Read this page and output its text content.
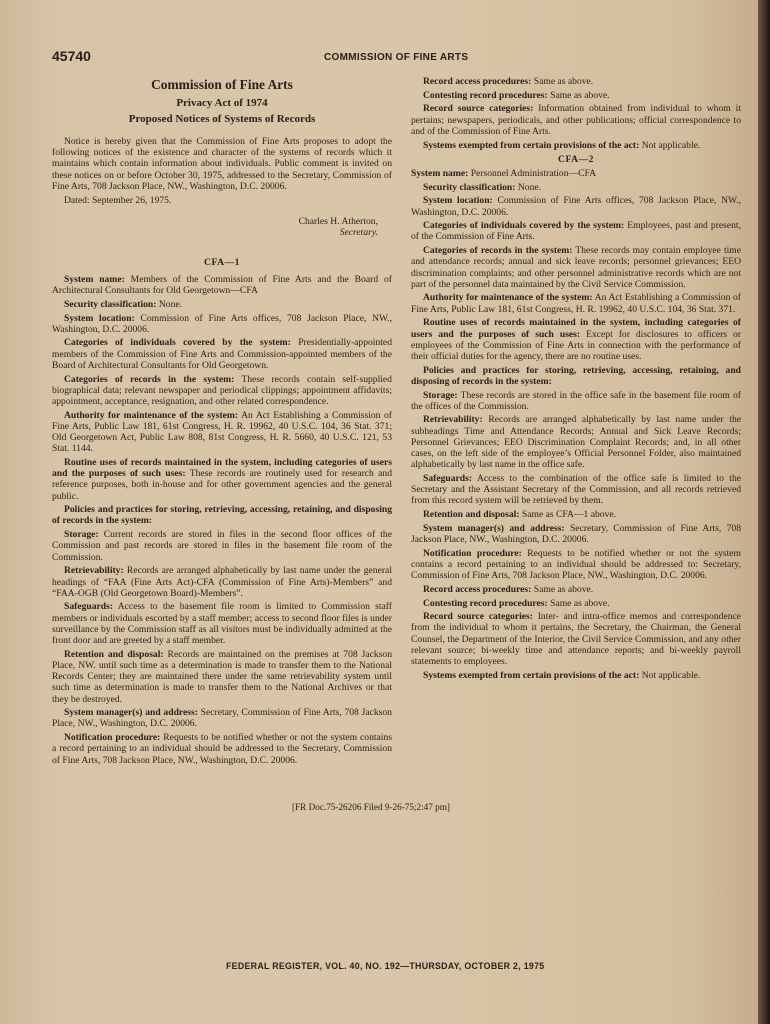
45740	COMMISSION OF FINE ARTS
Commission of Fine Arts
Privacy Act of 1974
Proposed Notices of Systems of Records

Notice is hereby given that the Commission of Fine Arts proposes to adopt the following notices of the existence and character of the systems of records which it maintains which contain information about individuals. Public comment is invited on these notices on or before October 30, 1975, addressed to the Secretary, Commission of Fine Arts, 708 Jackson Place, NW., Washington, D.C. 20006.

Dated: September 26, 1975.

Charles H. Atherton,
Secretary.
CFA—1

System name: Members of the Commission of Fine Arts and the Board of Architectural Consultants for Old Georgetown—CFA

Security classification: None.

System location: Commission of Fine Arts offices, 708 Jackson Place, NW., Washington, D.C. 20006.

Categories of individuals covered by the system: Presidentially-appointed members of the Commission of Fine Arts and Commission-appointed members of the Board of Architectural Consultants for Old Georgetown.

Categories of records in the system: These records contain self-supplied biographical data; relevant newspaper and periodical clippings; appointment affidavits; appointment, acceptance, resignation, and other related correspondence.

Authority for maintenance of the system: An Act Establishing a Commission of Fine Arts, Public Law 181, 61st Congress, H. R. 19962, 40 U.S.C. 104, 36 Stat. 371; Old Georgetown Act, Public Law 808, 81st Congress, H. R. 5660, 40 U.S.C. 121, 53 Stat. 1144.

Routine uses of records maintained in the system, including categories of users and the purposes of such uses: These records are routinely used for research and reference purposes, both in-house and for other government agencies and the general public.

Policies and practices for storing, retrieving, accessing, retaining, and disposing of records in the system:

Storage: Current records are stored in files in the second floor offices of the Commission and past records are stored in files in the basement file room of the Commission.

Retrievability: Records are arranged alphabetically by last name under the general headings of “FAA (Fine Arts Act)-CFA (Commission of Fine Arts)-Members” and “FAA-OGB (Old Georgetown Board)-Members”.

Safeguards: Access to the basement file room is limited to Commission staff members or individuals escorted by a staff member; access to second floor files is under surveillance by the Commission staff as all visitors must be individually admitted at the front door and are greeted by a staff member.

Retention and disposal: Records are maintained on the premises at 708 Jackson Place, NW. until such time as a determination is made to transfer them to the National Records Center; they are maintained there under the same retrievability system until such time as determination is made to transfer them to the National Archives or that they be destroyed.

System manager(s) and address: Secretary, Commission of Fine Arts, 708 Jackson Place, NW., Washington, D.C. 20006.

Notification procedure: Requests to be notified whether or not the system contains a record pertaining to an individual should be addressed to the Secretary, Commission of Fine Arts, 708 Jackson Place, NW., Washington, D.C. 20006.

Record access procedures: Same as above.

Contesting record procedures: Same as above.

Record source categories: Information obtained from individual to whom it pertains; newspapers, periodicals, and other publications; official correspondence to and of the Commission of Fine Arts.

Systems exempted from certain provisions of the act: Not applicable.

CFA—2

System name: Personnel Administration—CFA

Security classification: None.

System location: Commission of Fine Arts offices, 708 Jackson Place, NW., Washington, D.C. 20006.

Categories of individuals covered by the system: Employees, past and present, of the Commission of Fine Arts.

Categories of records in the system: These records may contain employee time and attendance records; annual and sick leave records; personnel grievances; EEO discrimination complaints; and other personnel administrative records which are not part of the personnel data maintained by the Civil Service Commission.

Authority for maintenance of the system: An Act Establishing a Commission of Fine Arts, Public Law 181, 61st Congress, H. R. 19962, 40 U.S.C. 104, 36 Stat. 371.

Routine uses of records maintained in the system, including categories of users and the purposes of such uses: Except for disclosures to officers or employees of the Commission of Fine Arts in connection with the performance of their official duties for the agency, there are no routine uses.

Policies and practices for storing, retrieving, accessing, retaining, and disposing of records in the system:

Storage: These records are stored in the office safe in the basement file room of the offices of the Commission.

Retrievability: Records are arranged alphabetically by last name under the subheadings Time and Attendance Records; Annual and Sick Leave Records; Personnel Grievances; EEO Discrimination Complaint Records; and, in all other cases, on the left side of the employee’s Official Personnel Folder, also maintained alphabetically by last name in the office safe.

Safeguards: Access to the combination of the office safe is limited to the Secretary and the Assistant Secretary of the Commission, and all records retrieved from this record system will be retrieved by them.

Retention and disposal: Same as CFA—1 above.

System manager(s) and address: Secretary, Commission of Fine Arts, 708 Jackson Place, NW., Washington, D.C. 20006.

Notification procedure: Requests to be notified whether or not the system contains a record pertaining to an individual should be addressed to: Secretary, Commission of Fine Arts, 708 Jackson Place, NW., Washington, D.C. 20006.

Record access procedures: Same as above.

Contesting record procedures: Same as above.

Record source categories: Inter- and intra-office memos and correspondence from the individual to whom it pertains, the Secretary, the Chairman, the General Counsel, the Department of the Interior, the Civil Service Commission, and any other relevant source; bi-weekly time and attendance reports; and bi-weekly payroll statements to employees.

Systems exempted from certain provisions of the act: Not applicable.

[FR Doc.75-26206 Filed 9-26-75;2:47 pm]
FEDERAL REGISTER, VOL. 40, NO. 192—THURSDAY, OCTOBER 2, 1975
